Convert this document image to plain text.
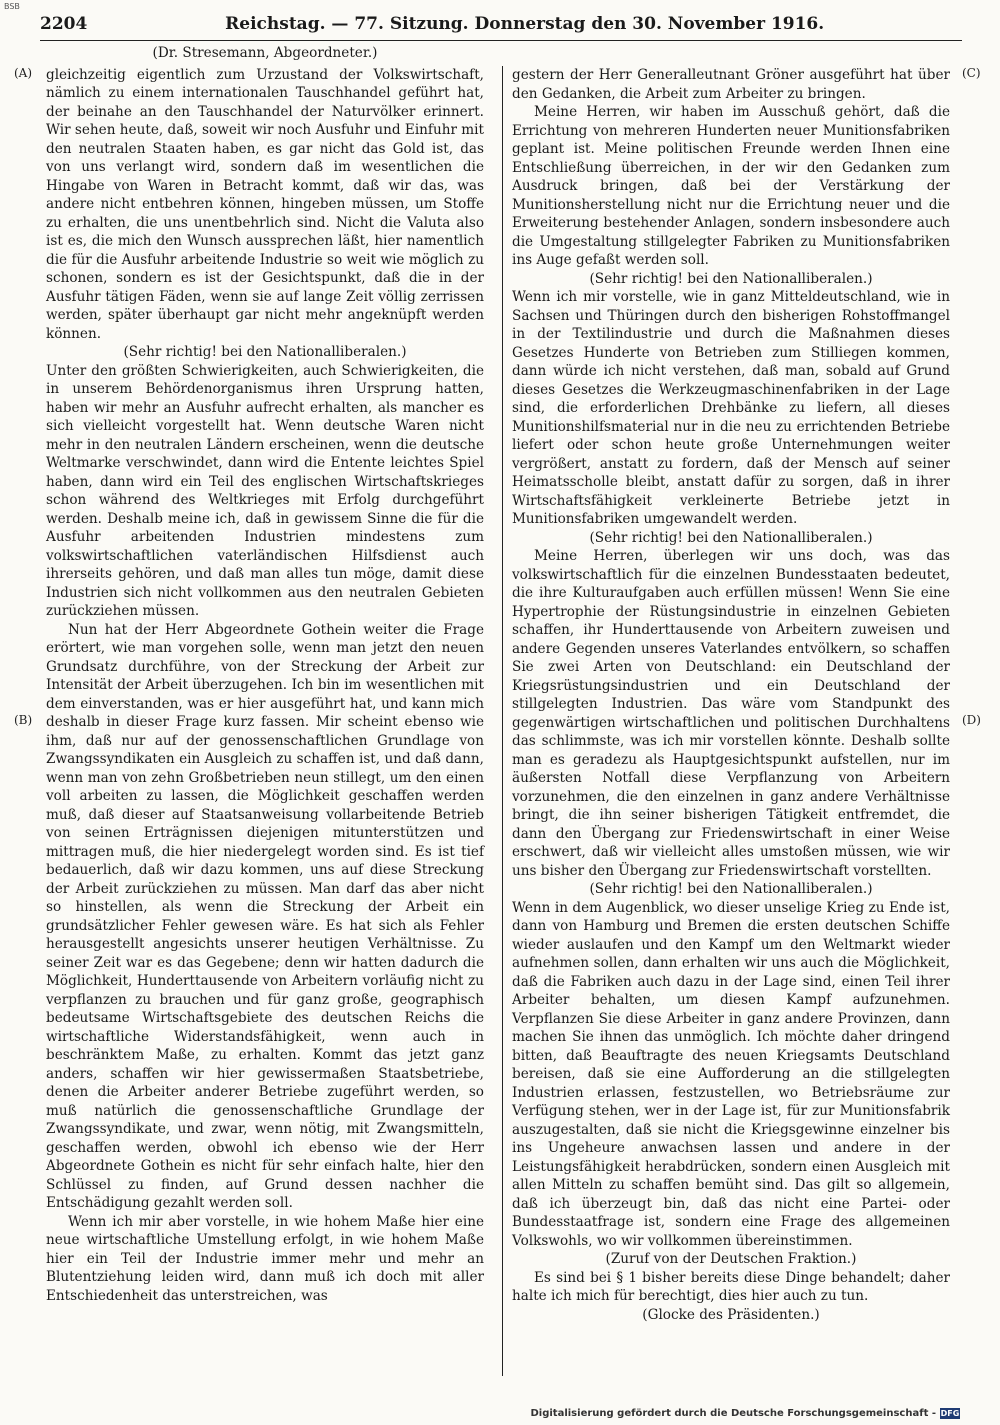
BSB
2204	Reichstag. — 77. Sitzung. Donnerstag den 30. November 1916.
(A)
(B)
(C)
(D)

(Dr. Stresemann, Abgeordneter.)

gleichzeitig eigentlich zum Urzustand der Volkswirtschaft, nämlich zu einem internationalen Tauschhandel geführt hat, der beinahe an den Tauschhandel der Naturvölker erinnert. Wir sehen heute, daß, soweit wir noch Ausfuhr und Einfuhr mit den neutralen Staaten haben, es gar nicht das Gold ist, das von uns verlangt wird, sondern daß im wesentlichen die Hingabe von Waren in Betracht kommt, daß wir das, was andere nicht entbehren können, hingeben müssen, um Stoffe zu erhalten, die uns unentbehrlich sind. Nicht die Valuta also ist es, die mich den Wunsch aussprechen läßt, hier namentlich die für die Ausfuhr arbeitende Industrie so weit wie möglich zu schonen, sondern es ist der Gesichtspunkt, daß die in der Ausfuhr tätigen Fäden, wenn sie auf lange Zeit völlig zerrissen werden, später überhaupt gar nicht mehr angeknüpft werden können.

(Sehr richtig! bei den Nationalliberalen.)

Unter den größten Schwierigkeiten, auch Schwierigkeiten, die in unserem Behördenorganismus ihren Ursprung hatten, haben wir mehr an Ausfuhr aufrecht erhalten, als mancher es sich vielleicht vorgestellt hat. Wenn deutsche Waren nicht mehr in den neutralen Ländern erscheinen, wenn die deutsche Weltmarke verschwindet, dann wird die Entente leichtes Spiel haben, dann wird ein Teil des englischen Wirtschaftskrieges schon während des Weltkrieges mit Erfolg durchgeführt werden. Deshalb meine ich, daß in gewissem Sinne die für die Ausfuhr arbeitenden Industrien mindestens zum volkswirtschaftlichen vaterländischen Hilfsdienst auch ihrerseits gehören, und daß man alles tun möge, damit diese Industrien sich nicht vollkommen aus den neutralen Gebieten zurückziehen müssen.

Nun hat der Herr Abgeordnete Gothein weiter die Frage erörtert, wie man vorgehen solle, wenn man jetzt den neuen Grundsatz durchführe, von der Streckung der Arbeit zur Intensität der Arbeit überzugehen. Ich bin im wesentlichen mit dem einverstanden, was er hier ausgeführt hat, und kann mich deshalb in dieser Frage kurz fassen. Mir scheint ebenso wie ihm, daß nur auf der genossenschaftlichen Grundlage von Zwangssyndikaten ein Ausgleich zu schaffen ist, und daß dann, wenn man von zehn Großbetrieben neun stillegt, um den einen voll arbeiten zu lassen, die Möglichkeit geschaffen werden muß, daß dieser auf Staatsanweisung vollarbeitende Betrieb von seinen Erträgnissen diejenigen mitunterstützen und mittragen muß, die hier niedergelegt worden sind. Es ist tief bedauerlich, daß wir dazu kommen, uns auf diese Streckung der Arbeit zurückziehen zu müssen. Man darf das aber nicht so hinstellen, als wenn die Streckung der Arbeit ein grundsätzlicher Fehler gewesen wäre. Es hat sich als Fehler herausgestellt angesichts unserer heutigen Verhältnisse. Zu seiner Zeit war es das Gegebene; denn wir hatten dadurch die Möglichkeit, Hunderttausende von Arbeitern vorläufig nicht zu verpflanzen zu brauchen und für ganz große, geographisch bedeutsame Wirtschaftsgebiete des deutschen Reichs die wirtschaftliche Widerstandsfähigkeit, wenn auch in beschränktem Maße, zu erhalten. Kommt das jetzt ganz anders, schaffen wir hier gewissermaßen Staatsbetriebe, denen die Arbeiter anderer Betriebe zugeführt werden, so muß natürlich die genossenschaftliche Grundlage der Zwangssyndikate, und zwar, wenn nötig, mit Zwangsmitteln, geschaffen werden, obwohl ich ebenso wie der Herr Abgeordnete Gothein es nicht für sehr einfach halte, hier den Schlüssel zu finden, auf Grund dessen nachher die Entschädigung gezahlt werden soll.

Wenn ich mir aber vorstelle, in wie hohem Maße hier eine neue wirtschaftliche Umstellung erfolgt, in wie hohem Maße hier ein Teil der Industrie immer mehr und mehr an Blutentziehung leiden wird, dann muß ich doch mit aller Entschiedenheit das unterstreichen, was

gestern der Herr Generalleutnant Gröner ausgeführt hat über den Gedanken, die Arbeit zum Arbeiter zu bringen.

Meine Herren, wir haben im Ausschuß gehört, daß die Errichtung von mehreren Hunderten neuer Munitionsfabriken geplant ist. Meine politischen Freunde werden Ihnen eine Entschließung überreichen, in der wir den Gedanken zum Ausdruck bringen, daß bei der Verstärkung der Munitionsherstellung nicht nur die Errichtung neuer und die Erweiterung bestehender Anlagen, sondern insbesondere auch die Umgestaltung stillgelegter Fabriken zu Munitionsfabriken ins Auge gefaßt werden soll.

(Sehr richtig! bei den Nationalliberalen.)

Wenn ich mir vorstelle, wie in ganz Mitteldeutschland, wie in Sachsen und Thüringen durch den bisherigen Rohstoffmangel in der Textilindustrie und durch die Maßnahmen dieses Gesetzes Hunderte von Betrieben zum Stilliegen kommen, dann würde ich nicht verstehen, daß man, sobald auf Grund dieses Gesetzes die Werkzeugmaschinenfabriken in der Lage sind, die erforderlichen Drehbänke zu liefern, all dieses Munitionshilfsmaterial nur in die neu zu errichtenden Betriebe liefert oder schon heute große Unternehmungen weiter vergrößert, anstatt zu fordern, daß der Mensch auf seiner Heimatsscholle bleibt, anstatt dafür zu sorgen, daß in ihrer Wirtschaftsfähigkeit verkleinerte Betriebe jetzt in Munitionsfabriken umgewandelt werden.

(Sehr richtig! bei den Nationalliberalen.)

Meine Herren, überlegen wir uns doch, was das volkswirtschaftlich für die einzelnen Bundesstaaten bedeutet, die ihre Kulturaufgaben auch erfüllen müssen! Wenn Sie eine Hypertrophie der Rüstungsindustrie in einzelnen Gebieten schaffen, ihr Hunderttausende von Arbeitern zuweisen und andere Gegenden unseres Vaterlandes entvölkern, so schaffen Sie zwei Arten von Deutschland: ein Deutschland der Kriegsrüstungsindustrien und ein Deutschland der stillgelegten Industrien. Das wäre vom Standpunkt des gegenwärtigen wirtschaftlichen und politischen Durchhaltens das schlimmste, was ich mir vorstellen könnte. Deshalb sollte man es geradezu als Hauptgesichtspunkt aufstellen, nur im äußersten Notfall diese Verpflanzung von Arbeitern vorzunehmen, die den einzelnen in ganz andere Verhältnisse bringt, die ihn seiner bisherigen Tätigkeit entfremdet, die dann den Übergang zur Friedenswirtschaft in einer Weise erschwert, daß wir vielleicht alles umstoßen müssen, wie wir uns bisher den Übergang zur Friedenswirtschaft vorstellten.

(Sehr richtig! bei den Nationalliberalen.)

Wenn in dem Augenblick, wo dieser unselige Krieg zu Ende ist, dann von Hamburg und Bremen die ersten deutschen Schiffe wieder auslaufen und den Kampf um den Weltmarkt wieder aufnehmen sollen, dann erhalten wir uns auch die Möglichkeit, daß die Fabriken auch dazu in der Lage sind, einen Teil ihrer Arbeiter behalten, um diesen Kampf aufzunehmen. Verpflanzen Sie diese Arbeiter in ganz andere Provinzen, dann machen Sie ihnen das unmöglich. Ich möchte daher dringend bitten, daß Beauftragte des neuen Kriegsamts Deutschland bereisen, daß sie eine Aufforderung an die stillgelegten Industrien erlassen, festzustellen, wo Betriebsräume zur Verfügung stehen, wer in der Lage ist, für zur Munitionsfabrik auszugestalten, daß sie nicht die Kriegsgewinne einzelner bis ins Ungeheure anwachsen lassen und andere in der Leistungsfähigkeit herabdrücken, sondern einen Ausgleich mit allen Mitteln zu schaffen bemüht sind. Das gilt so allgemein, daß ich überzeugt bin, daß das nicht eine Partei- oder Bundesstaatfrage ist, sondern eine Frage des allgemeinen Volkswohls, wo wir vollkommen übereinstimmen.

(Zuruf von der Deutschen Fraktion.)

Es sind bei § 1 bisher bereits diese Dinge behandelt; daher halte ich mich für berechtigt, dies hier auch zu tun.

(Glocke des Präsidenten.)

Digitalisierung gefördert durch die Deutsche Forschungsgemeinschaft - DFG
